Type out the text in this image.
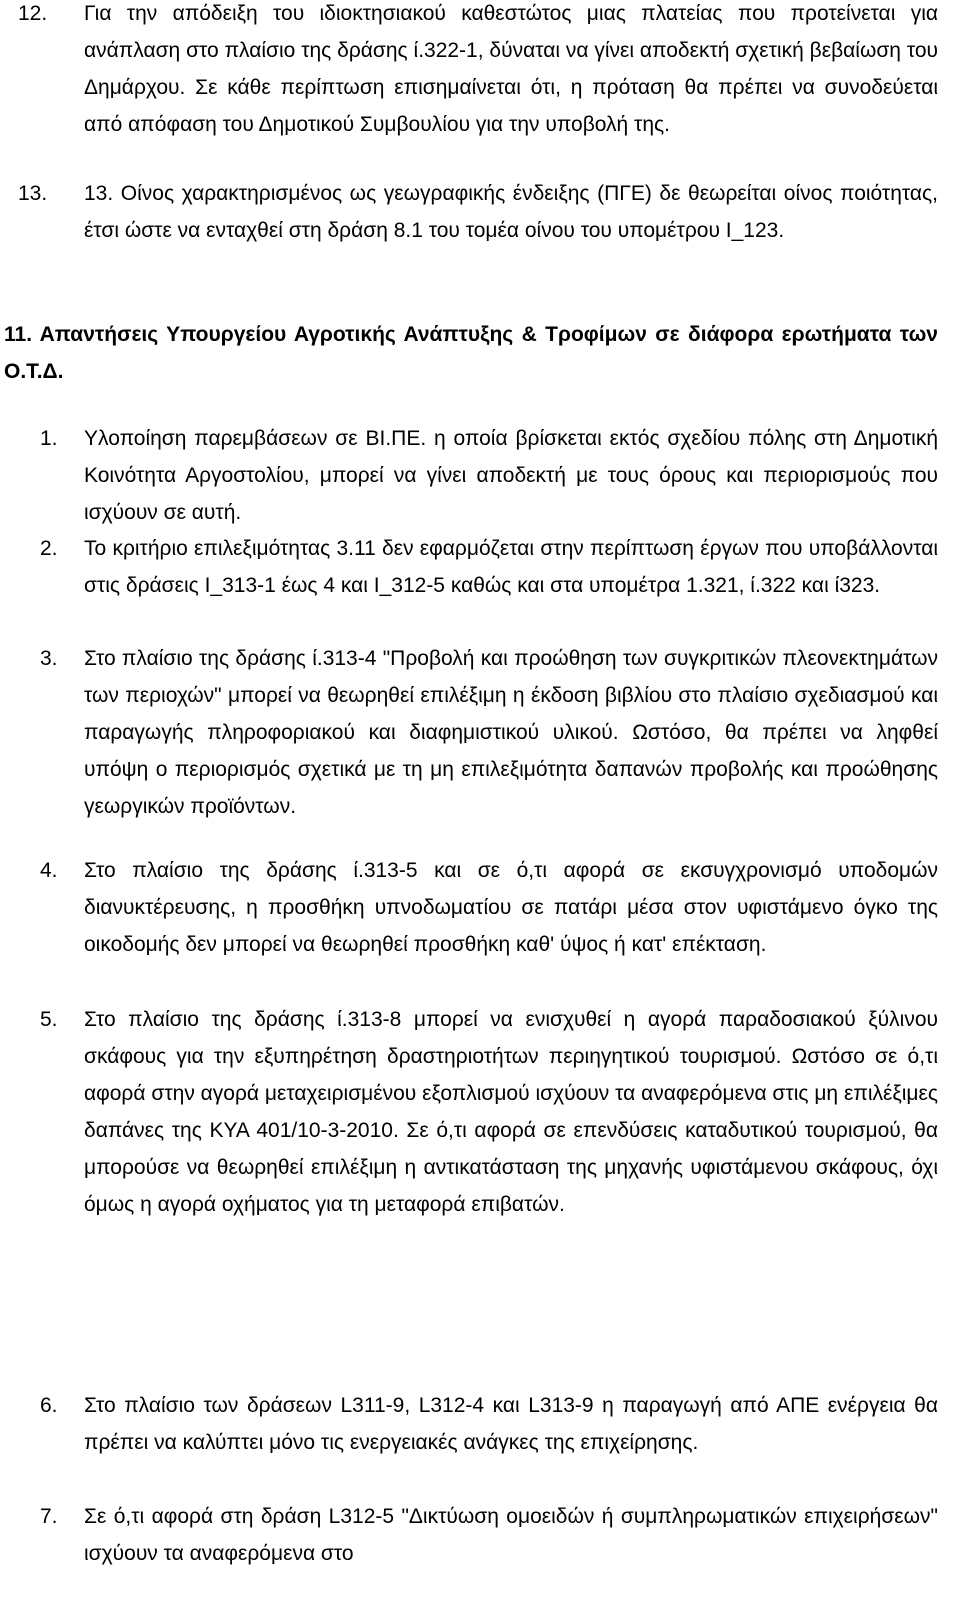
12. Για την απόδειξη του ιδιοκτησιακού καθεστώτος μιας πλατείας που προτείνεται για ανάπλαση στο πλαίσιο της δράσης ί.322-1, δύναται να γίνει αποδεκτή σχετική βεβαίωση του Δημάρχου. Σε κάθε περίπτωση επισημαίνεται ότι, η πρόταση θα πρέπει να συνοδεύεται από απόφαση του Δημοτικού Συμβουλίου για την υποβολή της.
13. 13. Οίνος χαρακτηρισμένος ως γεωγραφικής ένδειξης (ΠΓΕ) δε θεωρείται οίνος ποιότητας, έτσι ώστε να ενταχθεί στη δράση 8.1 του τομέα οίνου του υπομέτρου Ι_123.
11. Απαντήσεις Υπουργείου Αγροτικής Ανάπτυξης & Τροφίμων σε διάφορα ερωτήματα των Ο.Τ.Δ.
1. Υλοποίηση παρεμβάσεων σε ΒΙ.ΠΕ. η οποία βρίσκεται εκτός σχεδίου πόλης στη Δημοτική Κοινότητα Αργοστολίου, μπορεί να γίνει αποδεκτή με τους όρους και περιορισμούς που ισχύουν σε αυτή.
2. Το κριτήριο επιλεξιμότητας 3.11 δεν εφαρμόζεται στην περίπτωση έργων που υποβάλλονται στις δράσεις Ι_313-1 έως 4 και Ι_312-5 καθώς και στα υπομέτρα 1.321, ί.322 και ί323.
3. Στο πλαίσιο της δράσης ί.313-4 "Προβολή και προώθηση των συγκριτικών πλεονεκτημάτων των περιοχών" μπορεί να θεωρηθεί επιλέξιμη η έκδοση βιβλίου στο πλαίσιο σχεδιασμού και παραγωγής πληροφοριακού και διαφημιστικού υλικού. Ωστόσο, θα πρέπει να ληφθεί υπόψη ο περιορισμός σχετικά με τη μη επιλεξιμότητα δαπανών προβολής και προώθησης γεωργικών προϊόντων.
4. Στο πλαίσιο της δράσης ί.313-5 και σε ό,τι αφορά σε εκσυγχρονισμό υποδομών διανυκτέρευσης, η προσθήκη υπνοδωματίου σε πατάρι μέσα στον υφιστάμενο όγκο της οικοδομής δεν μπορεί να θεωρηθεί προσθήκη καθ' ύψος ή κατ' επέκταση.
5. Στο πλαίσιο της δράσης ί.313-8 μπορεί να ενισχυθεί η αγορά παραδοσιακού ξύλινου σκάφους για την εξυπηρέτηση δραστηριοτήτων περιηγητικού τουρισμού. Ωστόσο σε ό,τι αφορά στην αγορά μεταχειρισμένου εξοπλισμού ισχύουν τα αναφερόμενα στις μη επιλέξιμες δαπάνες της ΚΥΑ 401/10-3-2010. Σε ό,τι αφορά σε επενδύσεις καταδυτικού τουρισμού, θα μπορούσε να θεωρηθεί επιλέξιμη η αντικατάσταση της μηχανής υφιστάμενου σκάφους, όχι όμως η αγορά οχήματος για τη μεταφορά επιβατών.
6. Στο πλαίσιο των δράσεων L311-9, L312-4 και L313-9 η παραγωγή από ΑΠΕ ενέργεια θα πρέπει να καλύπτει μόνο τις ενεργειακές ανάγκες της επιχείρησης.
7. Σε ό,τι αφορά στη δράση L312-5 "Δικτύωση ομοειδών ή συμπληρωματικών επιχειρήσεων" ισχύουν τα αναφερόμενα στο
